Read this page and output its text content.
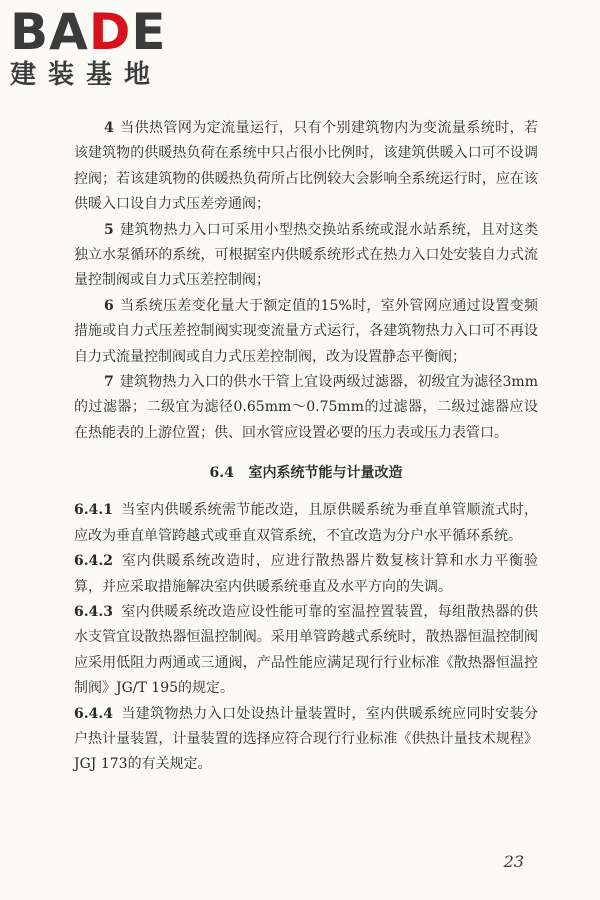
BADE
建装基地

4 当供热管网为定流量运行，只有个别建筑物内为变流量系统时，若该建筑物的供暖热负荷在系统中只占很小比例时，该建筑供暖入口可不设调控阀；若该建筑物的供暖热负荷所占比例较大会影响全系统运行时，应在该供暖入口设自力式压差旁通阀；

5 建筑物热力入口可采用小型热交换站系统或混水站系统，且对这类独立水泵循环的系统，可根据室内供暖系统形式在热力入口处安装自力式流量控制阀或自力式压差控制阀；

6 当系统压差变化量大于额定值的15%时，室外管网应通过设置变频措施或自力式压差控制阀实现变流量方式运行，各建筑物热力入口可不再设自力式流量控制阀或自力式压差控制阀，改为设置静态平衡阀；

7 建筑物热力入口的供水干管上宜设两级过滤器，初级宜为滤径3mm的过滤器；二级宜为滤径0.65mm～0.75mm的过滤器，二级过滤器应设在热能表的上游位置；供、回水管应设置必要的压力表或压力表管口。

6.4 室内系统节能与计量改造

6.4.1 当室内供暖系统需节能改造，且原供暖系统为垂直单管顺流式时，应改为垂直单管跨越式或垂直双管系统，不宜改造为分户水平循环系统。

6.4.2 室内供暖系统改造时，应进行散热器片数复核计算和水力平衡验算，并应采取措施解决室内供暖系统垂直及水平方向的失调。

6.4.3 室内供暖系统改造应设性能可靠的室温控置装置，每组散热器的供水支管宜设散热器恒温控制阀。采用单管跨越式系统时，散热器恒温控制阀应采用低阻力两通或三通阀，产品性能应满足现行行业标准《散热器恒温控制阀》JG/T 195的规定。

6.4.4 当建筑物热力入口处设热计量装置时，室内供暖系统应同时安装分户热计量装置，计量装置的选择应符合现行行业标准《供热计量技术规程》JGJ 173的有关规定。

23
